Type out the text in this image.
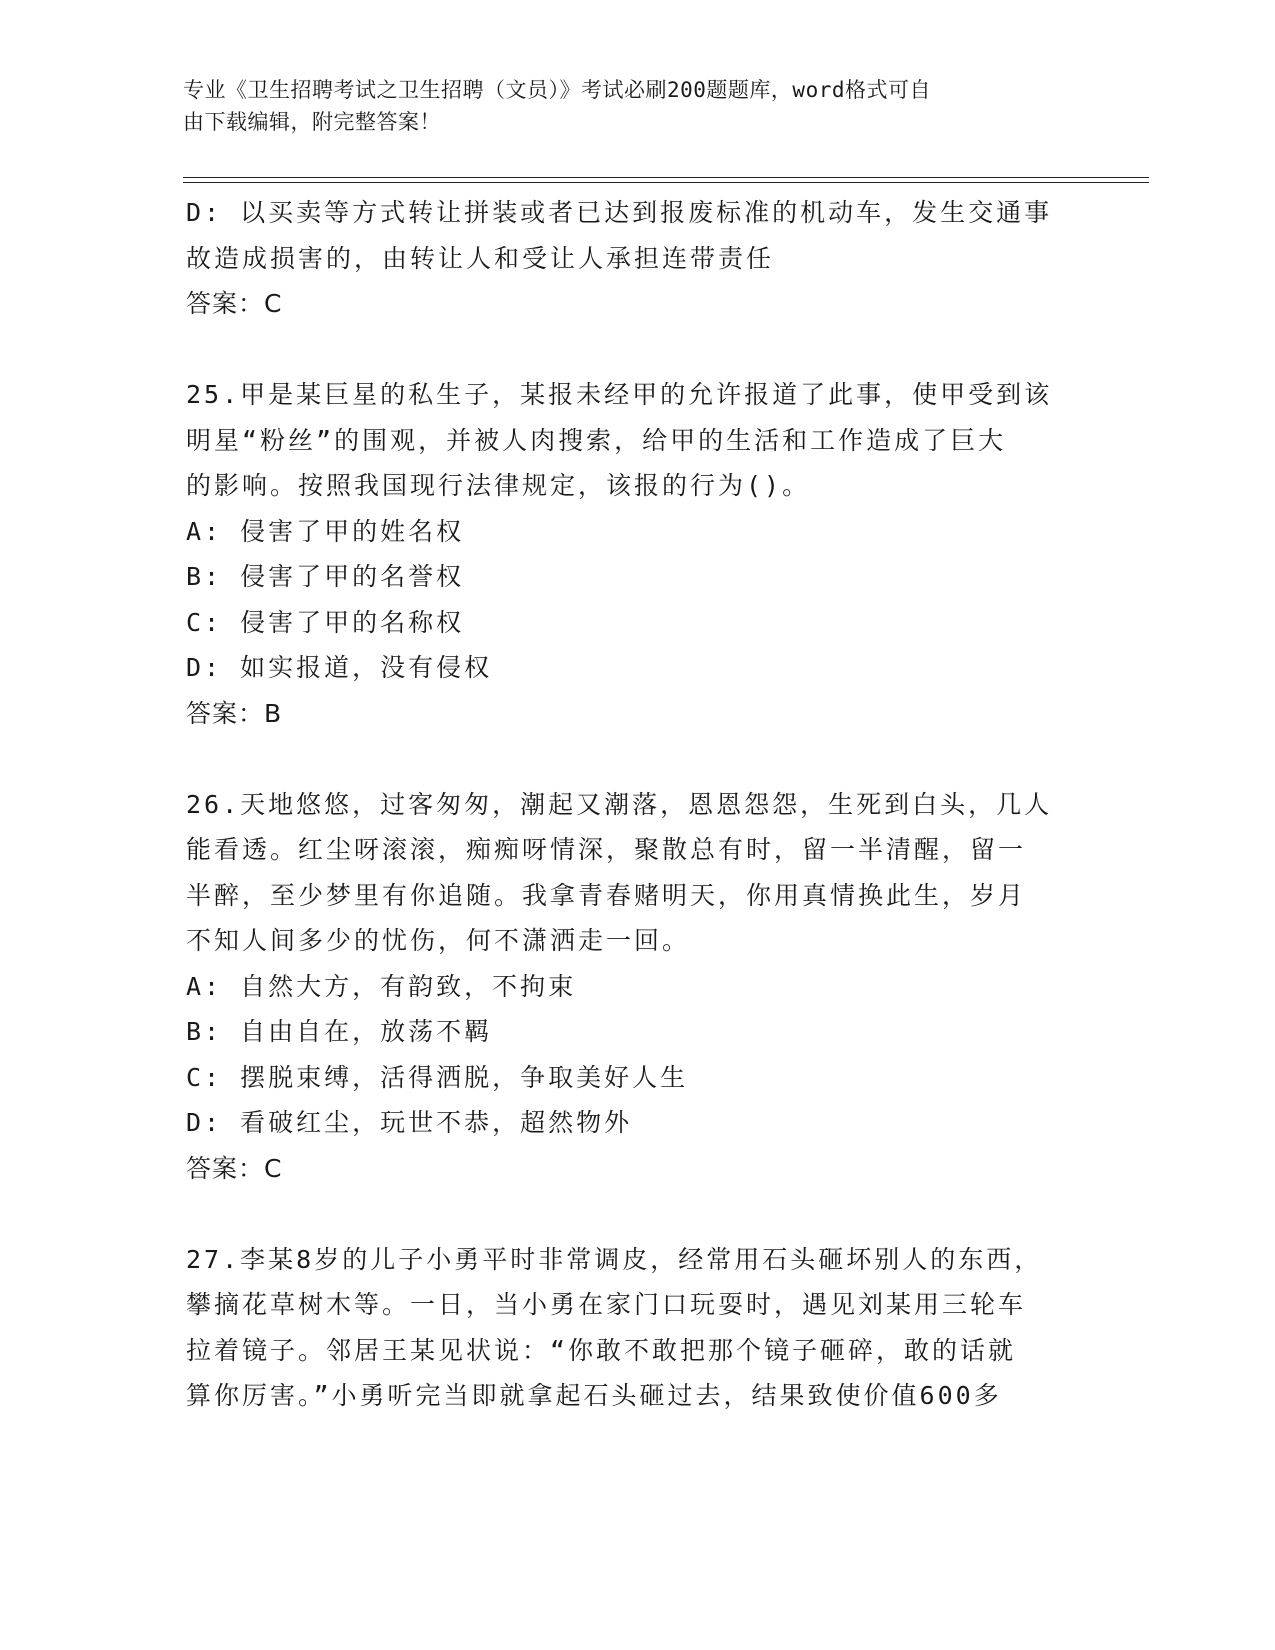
专业《卫生招聘考试之卫生招聘（文员）》考试必刷200题题库，word格式可自
由下载编辑，附完整答案！
D: 以买卖等方式转让拼装或者已达到报废标准的机动车，发生交通事
故造成损害的，由转让人和受让人承担连带责任
答案：C
25.甲是某巨星的私生子，某报未经甲的允许报道了此事，使甲受到该
明星“粉丝”的围观，并被人肉搜索，给甲的生活和工作造成了巨大
的影响。按照我国现行法律规定，该报的行为()。
A: 侵害了甲的姓名权
B: 侵害了甲的名誉权
C: 侵害了甲的名称权
D: 如实报道，没有侵权
答案：B
26.天地悠悠，过客匆匆，潮起又潮落，恩恩怨怨，生死到白头，几人
能看透。红尘呀滚滚，痴痴呀情深，聚散总有时，留一半清醒，留一
半醉，至少梦里有你追随。我拿青春赌明天，你用真情换此生，岁月
不知人间多少的忧伤，何不潇洒走一回。
A: 自然大方，有韵致，不拘束
B: 自由自在，放荡不羁
C: 摆脱束缚，活得洒脱，争取美好人生
D: 看破红尘，玩世不恭，超然物外
答案：C
27.李某8岁的儿子小勇平时非常调皮，经常用石头砸坏别人的东西，
攀摘花草树木等。一日，当小勇在家门口玩耍时，遇见刘某用三轮车
拉着镜子。邻居王某见状说：“你敢不敢把那个镜子砸碎，敢的话就
算你厉害。”小勇听完当即就拿起石头砸过去，结果致使价值600多
